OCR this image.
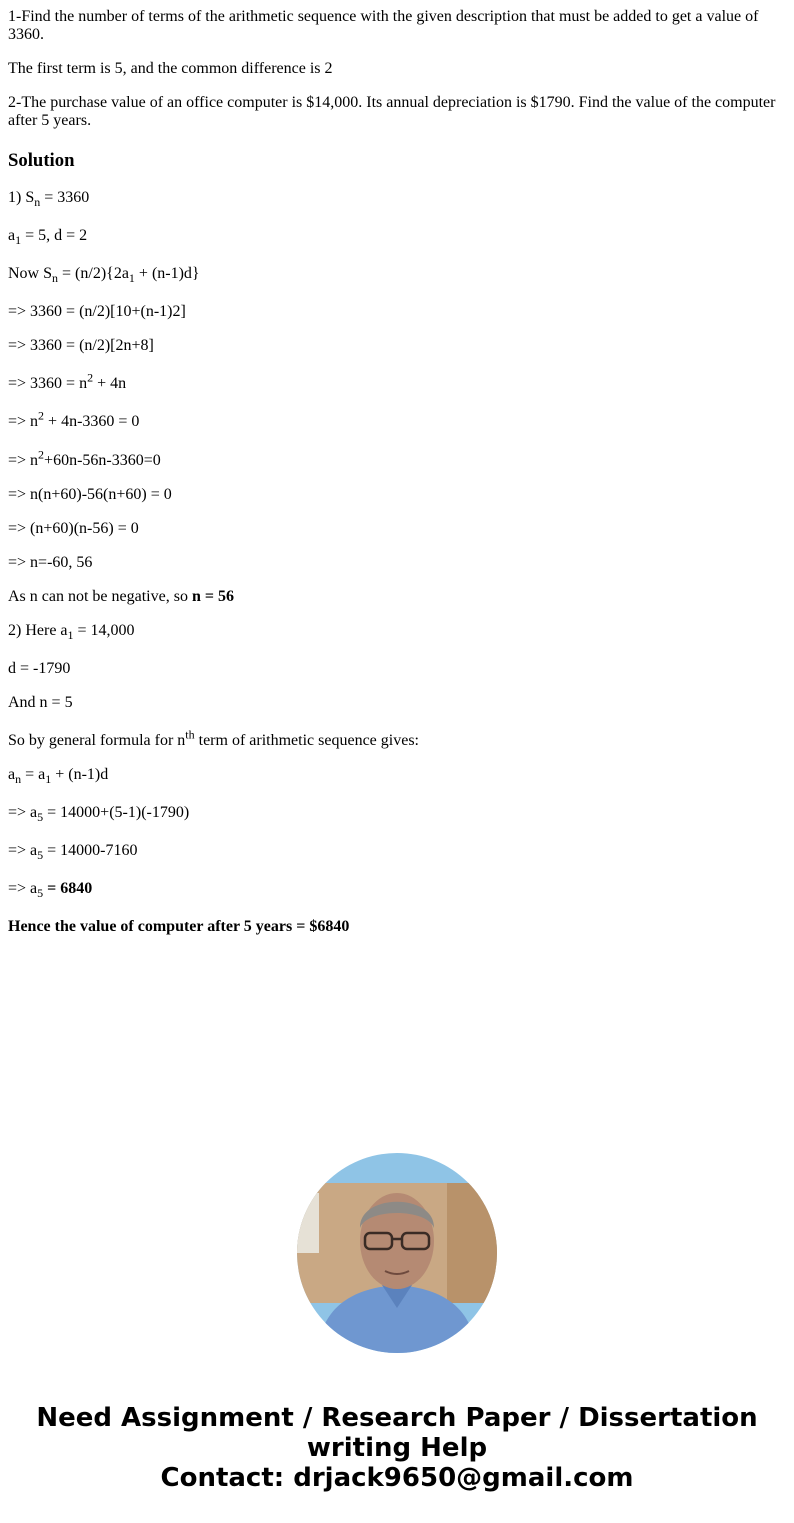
1-Find the number of terms of the arithmetic sequence with the given description that must be added to get a value of 3360.

The first term is 5, and the common difference is 2

2-The purchase value of an office computer is $14,000. Its annual depreciation is $1790. Find the value of the computer after 5 years.

Solution

1) $S_n = 3360$

$a_1 = 5$, d = 2

Now $S_n = (n/2)\{2a_1 + (n-1)d\}$

=> 3360 = (n/2)[10+(n-1)2]

=> 3360 = (n/2)[2n+8]

=> $3360 = n^2 + 4n$

=> $n^2 + 4n-3360 = 0$

=> $n^2+60n-56n-3360=0$

=> n(n+60)-56(n+60) = 0

=> (n+60)(n-56) = 0

=> n=-60, 56

As n can not be negative, so n = 56

2) Here $a_1 = 14,000$

d = -1790

And n = 5

So by general formula for $n^{th}$ term of arithmetic sequence gives:

$a_n = a_1 + (n-1)d$

=> $a_5 = 14000+(5-1)(-1790)$

=> $a_5 = 14000-7160$

=> $a_5 = 6840$

Hence the value of computer after 5 years = $6840

Need Assignment / Research Paper / Dissertation
writing Help
Contact: drjack9650@gmail.com
